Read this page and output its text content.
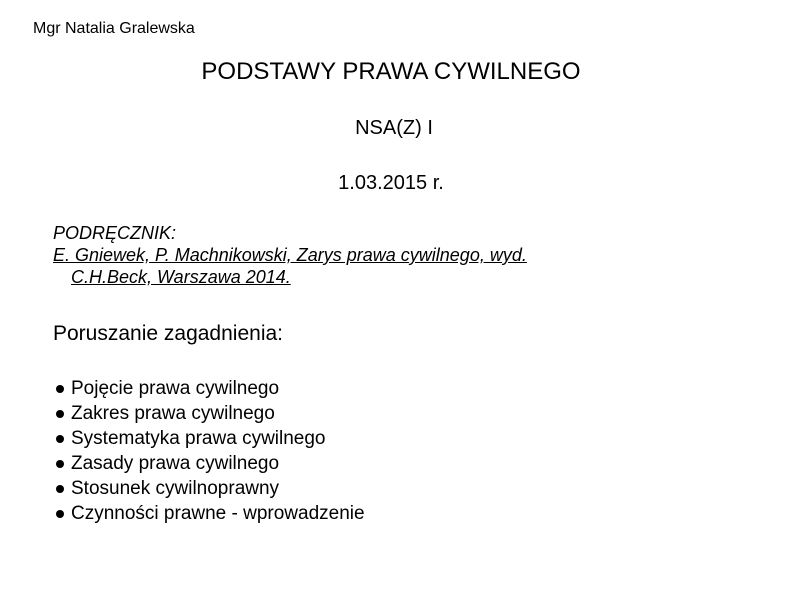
Mgr Natalia Gralewska
PODSTAWY PRAWA CYWILNEGO
NSA(Z) I
1.03.2015 r.
PODRĘCZNIK:
E. Gniewek, P. Machnikowski, Zarys prawa cywilnego, wyd.
C.H.Beck, Warszawa 2014.
Poruszanie zagadnienia:
Pojęcie prawa cywilnego
Zakres prawa cywilnego
Systematyka prawa cywilnego
Zasady prawa cywilnego
Stosunek cywilnoprawny
Czynności prawne - wprowadzenie
